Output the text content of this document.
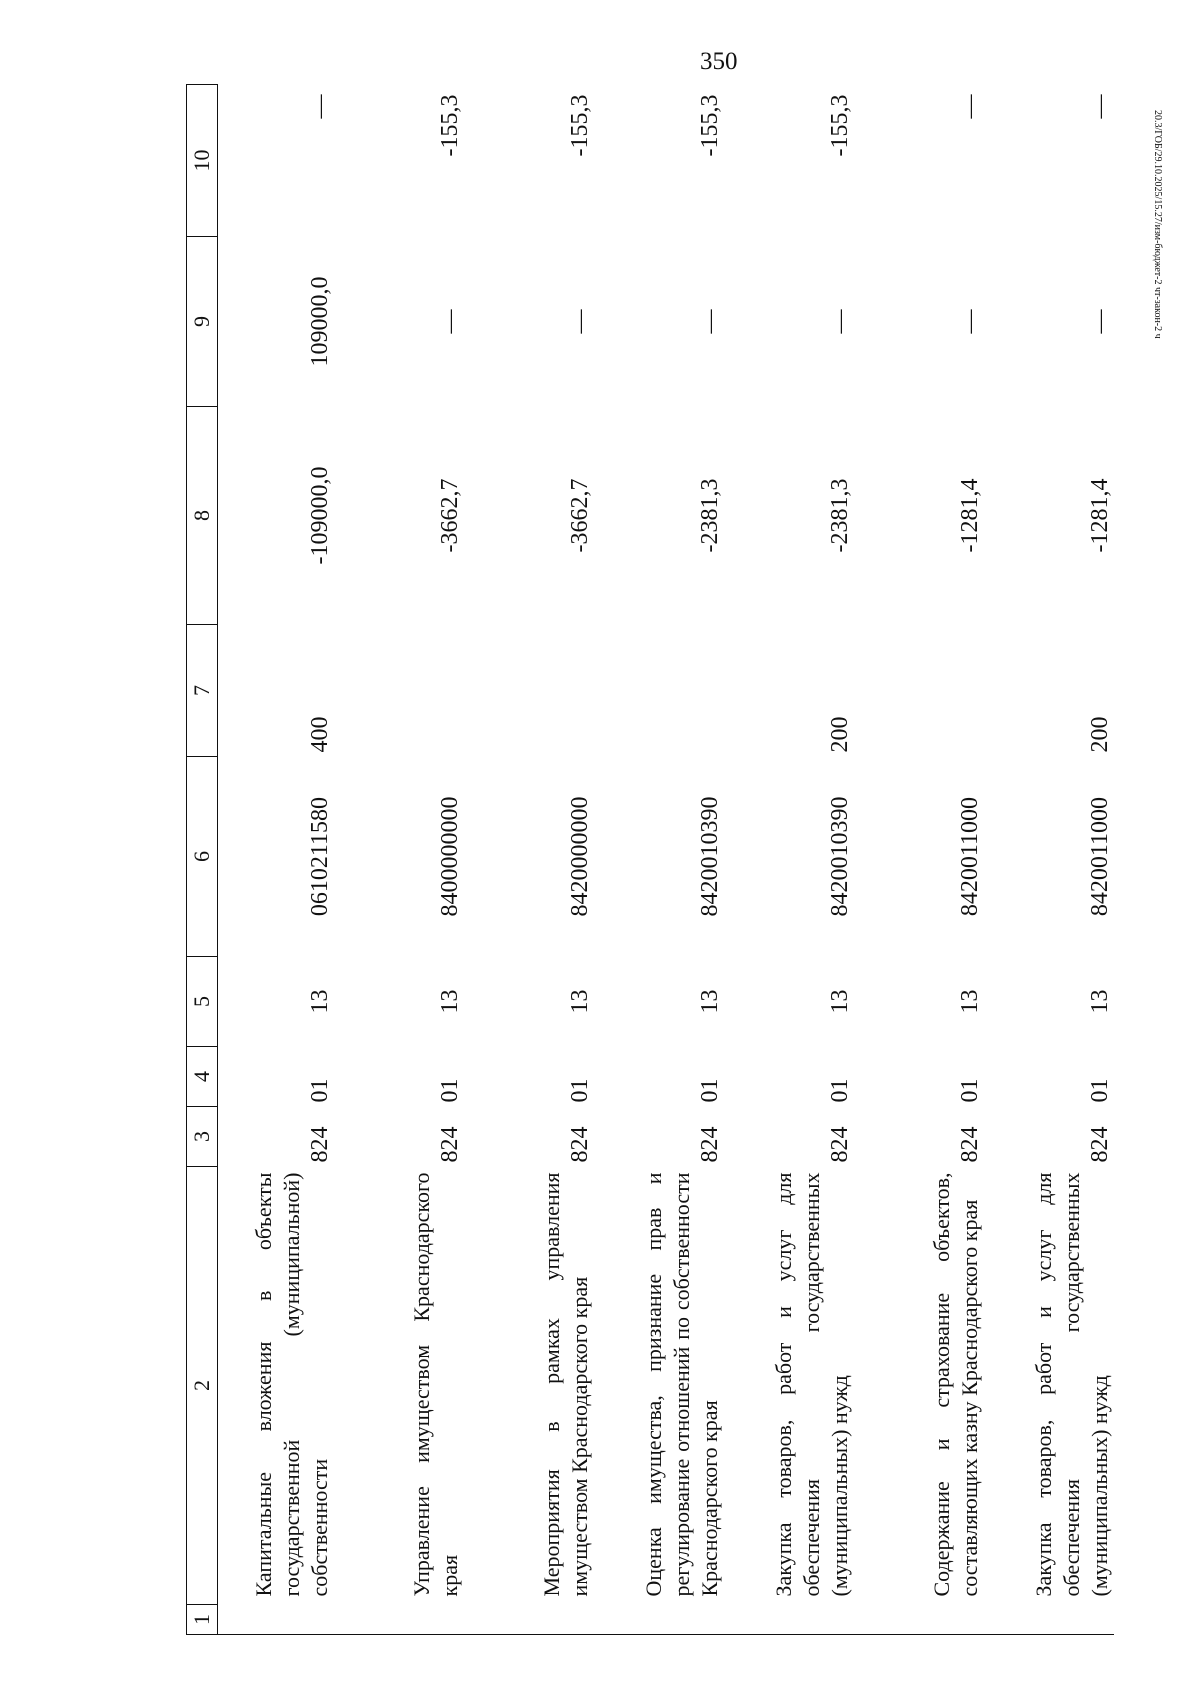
350
20.3/ГОБ/29.10.2025/15.27/изм-бюджет-2 чт-закон-2 ч
1	2	3	4	5	6	7	8	9	10
	Капитальные вложения в объекты государственной (муниципальной) собственности	824	01	13	0610211580	400	-109000,0	109000,0	—
	Управление имуществом Краснодарского края	824	01	13	8400000000		-3662,7	—	-155,3
	Мероприятия в рамках управления имуществом Краснодарского края	824	01	13	8420000000		-3662,7	—	-155,3
	Оценка имущества, признание прав и регулирование отношений по собственности Краснодарского края	824	01	13	8420010390		-2381,3	—	-155,3
	Закупка товаров, работ и услуг для обеспечения государственных (муниципальных) нужд	824	01	13	8420010390	200	-2381,3	—	-155,3
	Содержание и страхование объектов, составляющих казну Краснодарского края	824	01	13	8420011000		-1281,4	—	—
	Закупка товаров, работ и услуг для обеспечения государственных (муниципальных) нужд	824	01	13	8420011000	200	-1281,4	—	—
